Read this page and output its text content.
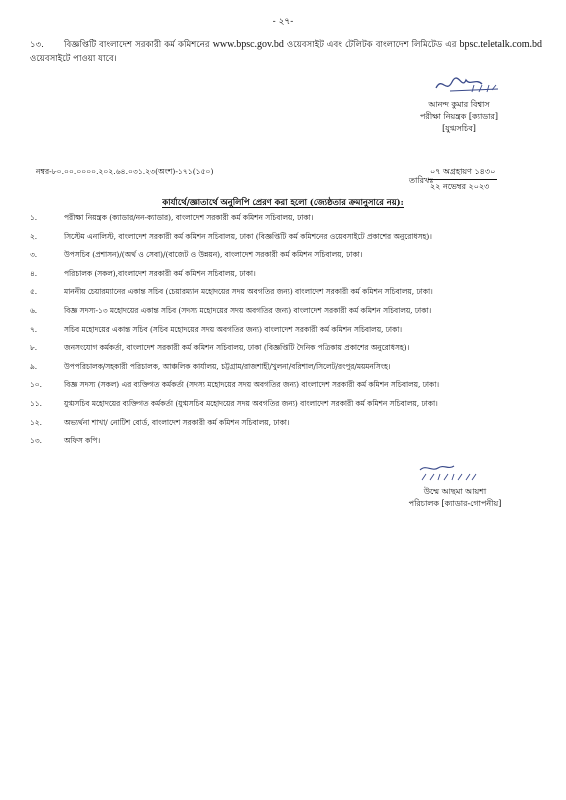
- ২৭-
১৩. বিজ্ঞপ্তিটি বাংলাদেশ সরকারী কর্ম কমিশনের www.bpsc.gov.bd ওয়েবসাইট এবং টেলিটক বাংলাদেশ লিমিটেড এর bpsc.teletalk.com.bd ওয়েবসাইটে পাওয়া যাবে।
আনন্দ কুমার বিশ্বাস
পরীক্ষা নিয়ন্ত্রক [ক্যাডার]
[যুগ্মসচিব]
নম্বর-৮০.০০.০০০০.২০২.৬৪.০৩১.২৩(অংশ)-১৭১(১৫০)
তারিখঃ
০৭ অগ্রহায়ণ ১৪৩০
২২ নভেম্বর ২০২৩
কার্যার্থে/জ্ঞাতার্থে অনুলিপি প্রেরণ করা হলো (জ্যেষ্ঠতার ক্রমানুসারে নয়):
১.	পরীক্ষা নিয়ন্ত্রক (ক্যাডার/নন-ক্যাডার), বাংলাদেশ সরকারী কর্ম কমিশন সচিবালয়, ঢাকা।
২.	সিস্টেম এনালিস্ট, বাংলাদেশ সরকারী কর্ম কমিশন সচিবালয়, ঢাকা (বিজ্ঞপ্তিটি কর্ম কমিশনের ওয়েবসাইটে প্রকাশের অনুরোধসহ)।
৩.	উপসচিব (প্রশাসন)/(অর্থ ও সেবা)/(বাজেট ও উন্নয়ন), বাংলাদেশ সরকারী কর্ম কমিশন সচিবালয়, ঢাকা।
৪.	পরিচালক (সকল),বাংলাদেশ সরকারী কর্ম কমিশন সচিবালয়, ঢাকা।
৫.	মাননীয় চেয়ারম্যানের একান্ত সচিব (চেয়ারম্যান মহোদয়ের সদয় অবগতির জন্য) বাংলাদেশ সরকারী কর্ম কমিশন সচিবালয়, ঢাকা।
৬.	বিজ্ঞ সদস্য-১৩ মহোদয়ের একান্ত সচিব (সদস্য মহোদয়ের সদয় অবগতির জন্য) বাংলাদেশ সরকারী কর্ম কমিশন সচিবালয়, ঢাকা।
৭.	সচিব মহোদয়ের একান্ত সচিব (সচিব মহোদয়ের সদয় অবগতির জন্য) বাংলাদেশ সরকারী কর্ম কমিশন সচিবালয়, ঢাকা।
৮.	জনসংযোগ কর্মকর্তা, বাংলাদেশ সরকারী কর্ম কমিশন সচিবালয়, ঢাকা (বিজ্ঞপ্তিটি দৈনিক পত্রিকায় প্রকাশের অনুরোধসহ)।
৯.	উপপরিচালক/সহকারী পরিচালক, আঞ্চলিক কার্যালয়, চট্টগ্রাম/রাজশাহী/খুলনা/বরিশাল/সিলেট/রংপুর/ময়মনসিংহ।
১০.	বিজ্ঞ সদস্য (সকল) এর ব্যক্তিগত কর্মকর্তা (সদস্য মহোদয়ের সদয় অবগতির জন্য) বাংলাদেশ সরকারী কর্ম কমিশন সচিবালয়, ঢাকা।
১১.	যুগ্মসচিব মহোদয়ের ব্যক্তিগত কর্মকর্তা (যুগ্মসচিব মহোদয়ের সদয় অবগতির জন্য) বাংলাদেশ সরকারী কর্ম কমিশন সচিবালয়, ঢাকা।
১২.	অভ্যর্থনা শাখা/ নোটিশ বোর্ড, বাংলাদেশ সরকারী কর্ম কমিশন সচিবালয়, ঢাকা।
১৩.	অফিস কপি।
উম্মে আছমা আয়শা
পরিচালক [ক্যাডার-গোপনীয়]
